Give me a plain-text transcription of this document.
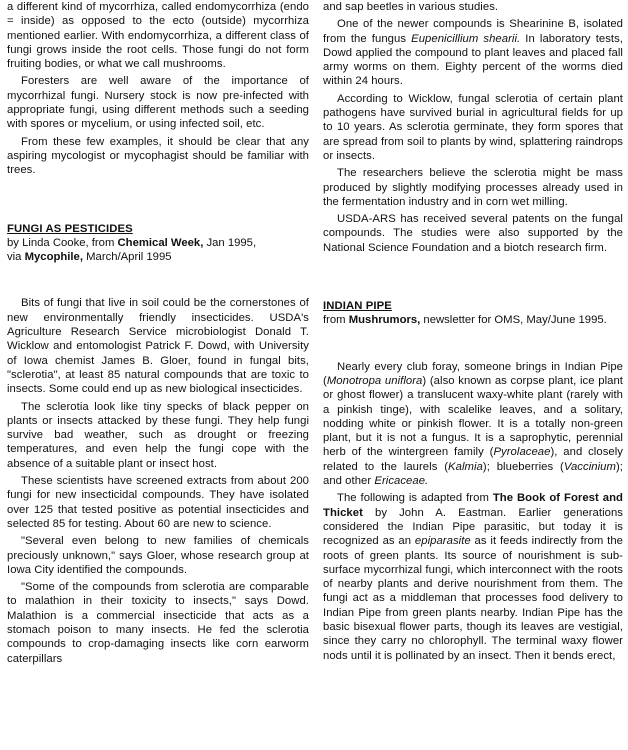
a different kind of mycorrhiza, called endomycorrhiza (endo = inside) as opposed to the ecto (outside) mycorrhiza mentioned earlier. With endomycorrhiza, a different class of fungi grows inside the root cells. Those fungi do not form fruiting bodies, or what we call mushrooms.

Foresters are well aware of the importance of mycorrhizal fungi. Nursery stock is now pre-infected with appropriate fungi, using different methods such a seeding with spores or mycelium, or using infected soil, etc.

From these few examples, it should be clear that any aspiring mycologist or mycophagist should be familiar with trees.

FUNGI AS PESTICIDES
by Linda Cooke, from Chemical Week, Jan 1995,
via Mycophile, March/April 1995

Bits of fungi that live in soil could be the cornerstones of new environmentally friendly insecticides. USDA's Agriculture Research Service microbiologist Donald T. Wicklow and entomologist Patrick F. Dowd, with University of Iowa chemist James B. Gloer, found in fungal bits, "sclerotia", at least 85 natural compounds that are toxic to insects. Some could end up as new biological insecticides.

The sclerotia look like tiny specks of black pepper on plants or insects attacked by these fungi. They help fungi survive bad weather, such as drought or freezing temperatures, and even help the fungi cope with the absence of a suitable plant or insect host.

These scientists have screened extracts from about 200 fungi for new insecticidal compounds. They have isolated over 125 that tested positive as potential insecticides and selected 85 for testing. About 60 are new to science.

"Several even belong to new families of chemicals preciously unknown," says Gloer, whose research group at Iowa City identified the compounds.

"Some of the compounds from sclerotia are comparable to malathion in their toxicity to insects," says Dowd. Malathion is a commercial insecticide that acts as a stomach poison to many insects. He fed the sclerotia compounds to crop-damaging insects like corn earworm caterpillars

and sap beetles in various studies.

One of the newer compounds is Shearinine B, isolated from the fungus Eupenicillium shearii. In laboratory tests, Dowd applied the compound to plant leaves and placed fall army worms on them. Eighty percent of the worms died within 24 hours.

According to Wicklow, fungal sclerotia of certain plant pathogens have survived burial in agricultural fields for up to 10 years. As sclerotia germinate, they form spores that are spread from soil to plants by wind, splattering raindrops or insects.

The researchers believe the sclerotia might be mass produced by slightly modifying processes already used in the fermentation industry and in corn wet milling.

USDA-ARS has received several patents on the fungal compounds. The studies were also supported by the National Science Foundation and a biotch research firm.

INDIAN PIPE
from Mushrumors, newsletter for OMS, May/June 1995.

Nearly every club foray, someone brings in Indian Pipe (Monotropa uniflora) (also known as corpse plant, ice plant or ghost flower) a translucent waxy-white plant (rarely with a pinkish tinge), with scalelike leaves, and a solitary, nodding white or pinkish flower. It is a totally non-green plant, but it is not a fungus. It is a saprophytic, perennial herb of the wintergreen family (Pyrolaceae), and closely related to the laurels (Kalmia); blueberries (Vaccinium); and other Ericaceae.

The following is adapted from The Book of Forest and Thicket by John A. Eastman. Earlier generations considered the Indian Pipe parasitic, but today it is recognized as an epiparasite as it feeds indirectly from the roots of green plants. Its source of nourishment is sub-surface mycorrhizal fungi, which interconnect with the roots of nearby plants and derive nourishment from them. The fungi act as a middleman that processes food delivery to Indian Pipe from green plants nearby. Indian Pipe has the basic bisexual flower parts, though its leaves are vestigial, since they carry no chlorophyll. The terminal waxy flower nods until it is pollinated by an insect. Then it bends erect,
